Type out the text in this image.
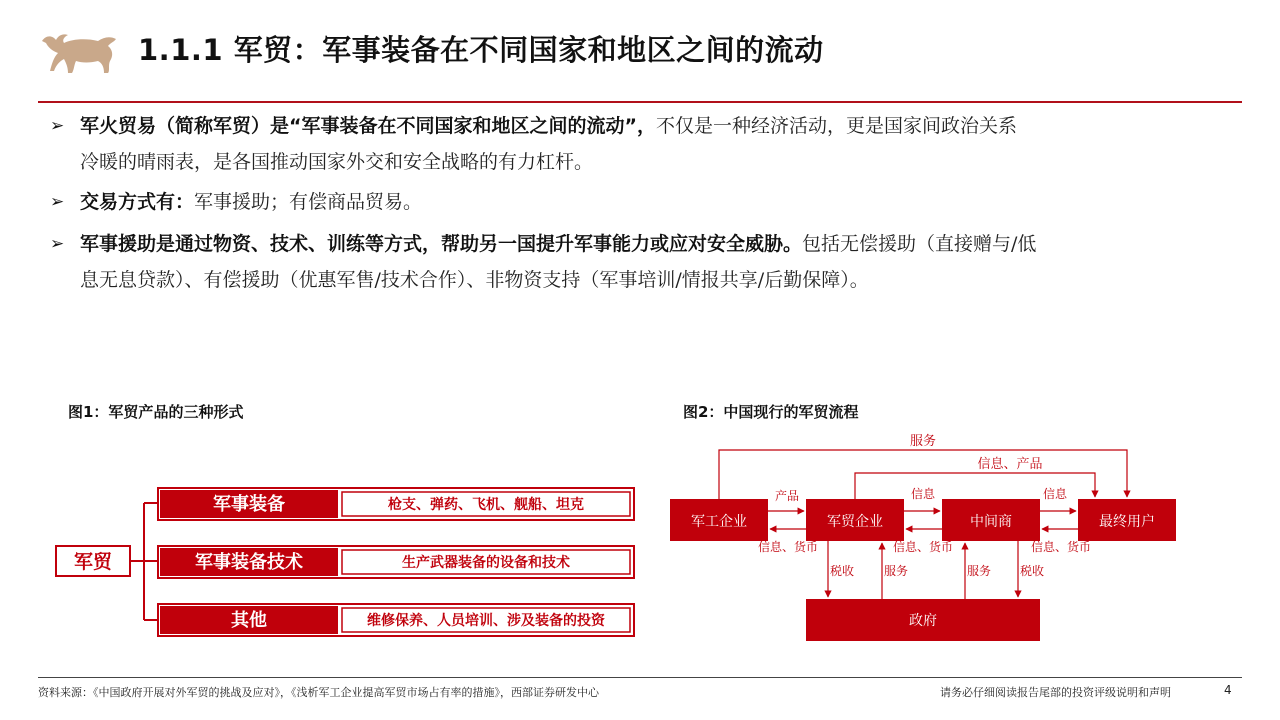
1.1.1 军贸：军事装备在不同国家和地区之间的流动
➢ 军火贸易（简称军贸）是“军事装备在不同国家和地区之间的流动”，不仅是一种经济活动，更是国家间政治关系
冷暖的晴雨表，是各国推动国家外交和安全战略的有力杠杆。
➢ 交易方式有：军事援助；有偿商品贸易。
➢ 军事援助是通过物资、技术、训练等方式，帮助另一国提升军事能力或应对安全威胁。包括无偿援助（直接赠与/低
息无息贷款）、有偿援助（优惠军售/技术合作）、非物资支持（军事培训/情报共享/后勤保障）。
图1：军贸产品的三种形式	图2：中国现行的军贸流程
军贸
军事装备	枪支、弹药、飞机、舰船、坦克
军事装备技术	生产武器装备的设备和技术
其他	维修保养、人员培训、涉及装备的投资
军工企业	军贸企业	中间商	最终用户
政府
服务
信息、产品
产品	信息	信息
信息、货币	信息、货币	信息、货币
税收 服务	服务 税收
资料来源：《中国政府开展对外军贸的挑战及应对》，《浅析军工企业提高军贸市场占有率的措施》，西部证券研发中心	请务必仔细阅读报告尾部的投资评级说明和声明	4
